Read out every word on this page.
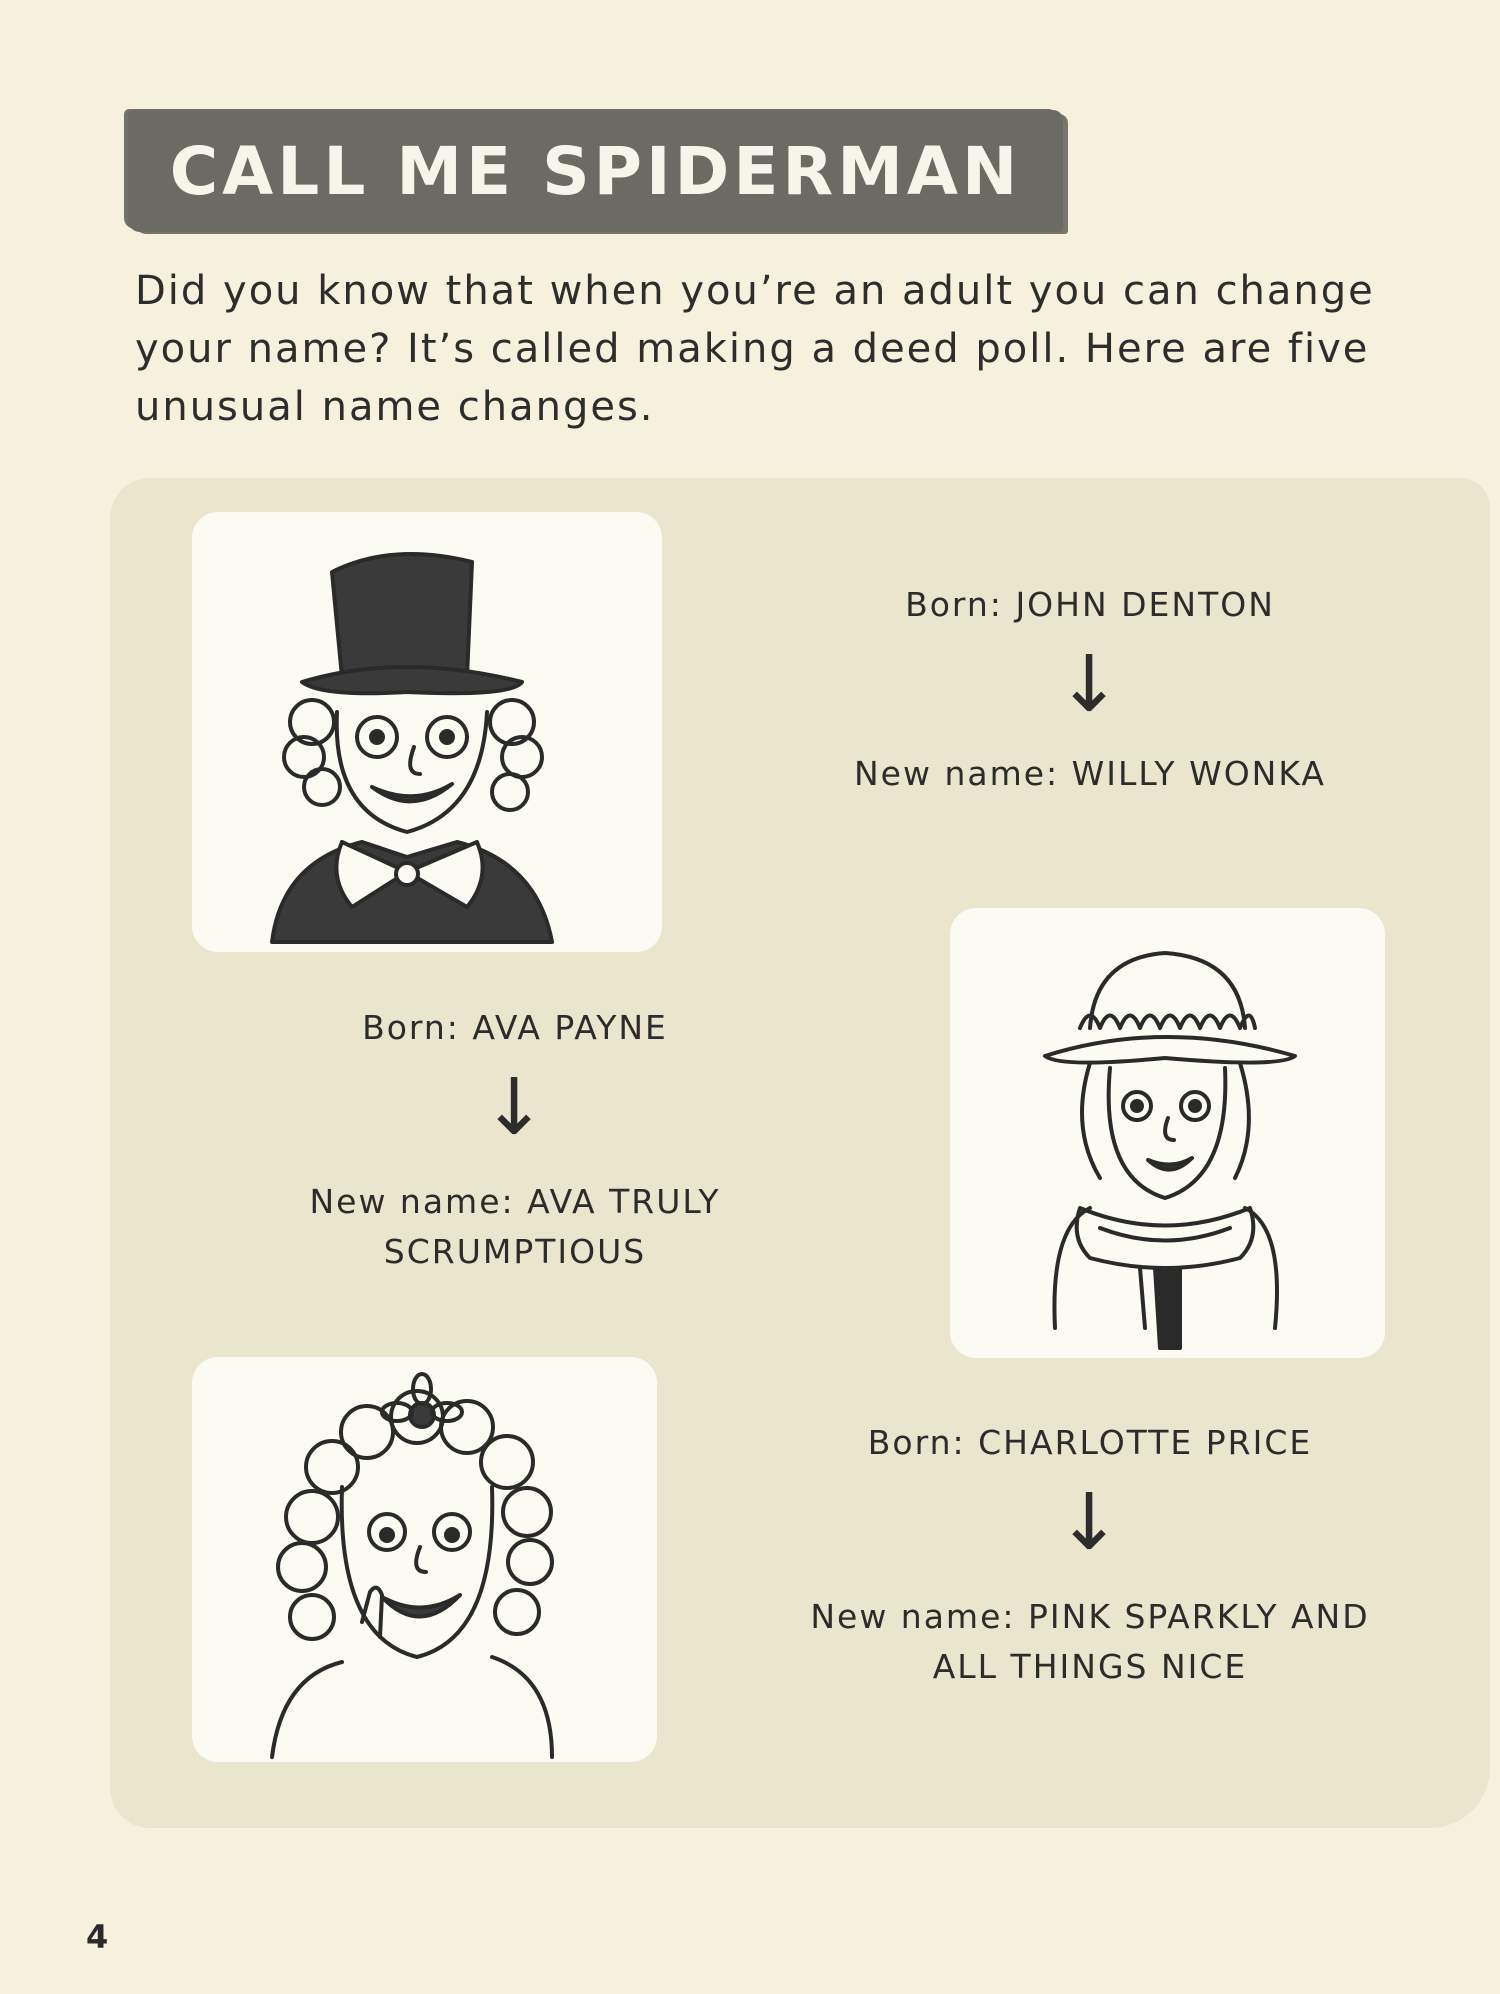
CALL ME SPIDERMAN
Did you know that when you’re an adult you can change your name? It’s called making a deed poll. Here are five unusual name changes.
Born: JOHN DENTON
↓
New name: WILLY WONKA
Born: AVA PAYNE
↓
New name: AVA TRULY SCRUMPTIOUS
Born: CHARLOTTE PRICE
↓
New name: PINK SPARKLY AND ALL THINGS NICE
4
